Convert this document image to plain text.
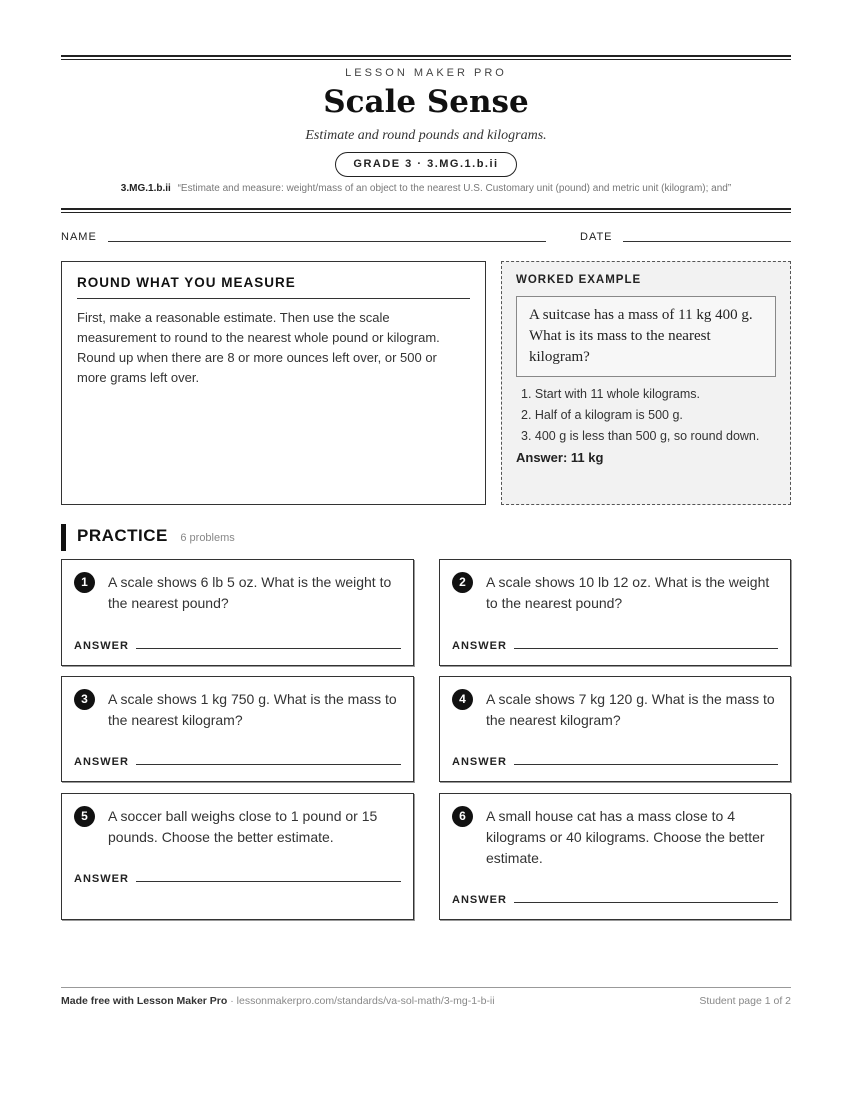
LESSON MAKER PRO
Scale Sense
Estimate and round pounds and kilograms.
GRADE 3 · 3.MG.1.b.ii
3.MG.1.b.ii “Estimate and measure: weight/mass of an object to the nearest U.S. Customary unit (pound) and metric unit (kilogram); and”
NAME	DATE
ROUND WHAT YOU MEASURE

First, make a reasonable estimate. Then use the scale measurement to round to the nearest whole pound or kilogram. Round up when there are 8 or more ounces left over, or 500 or more grams left over.

WORKED EXAMPLE
A suitcase has a mass of 11 kg 400 g. What is its mass to the nearest kilogram?
1. Start with 11 whole kilograms.
2. Half of a kilogram is 500 g.
3. 400 g is less than 500 g, so round down.
Answer: 11 kg
PRACTICE 6 problems
1	A scale shows 6 lb 5 oz. What is the weight to the nearest pound?
ANSWER
2	A scale shows 10 lb 12 oz. What is the weight to the nearest pound?
ANSWER
3	A scale shows 1 kg 750 g. What is the mass to the nearest kilogram?
ANSWER
4	A scale shows 7 kg 120 g. What is the mass to the nearest kilogram?
ANSWER
5	A soccer ball weighs close to 1 pound or 15 pounds. Choose the better estimate.
ANSWER
6	A small house cat has a mass close to 4 kilograms or 40 kilograms. Choose the better estimate.
ANSWER
Made free with Lesson Maker Pro · lessonmakerpro.com/standards/va-sol-math/3-mg-1-b-ii	Student page 1 of 2
